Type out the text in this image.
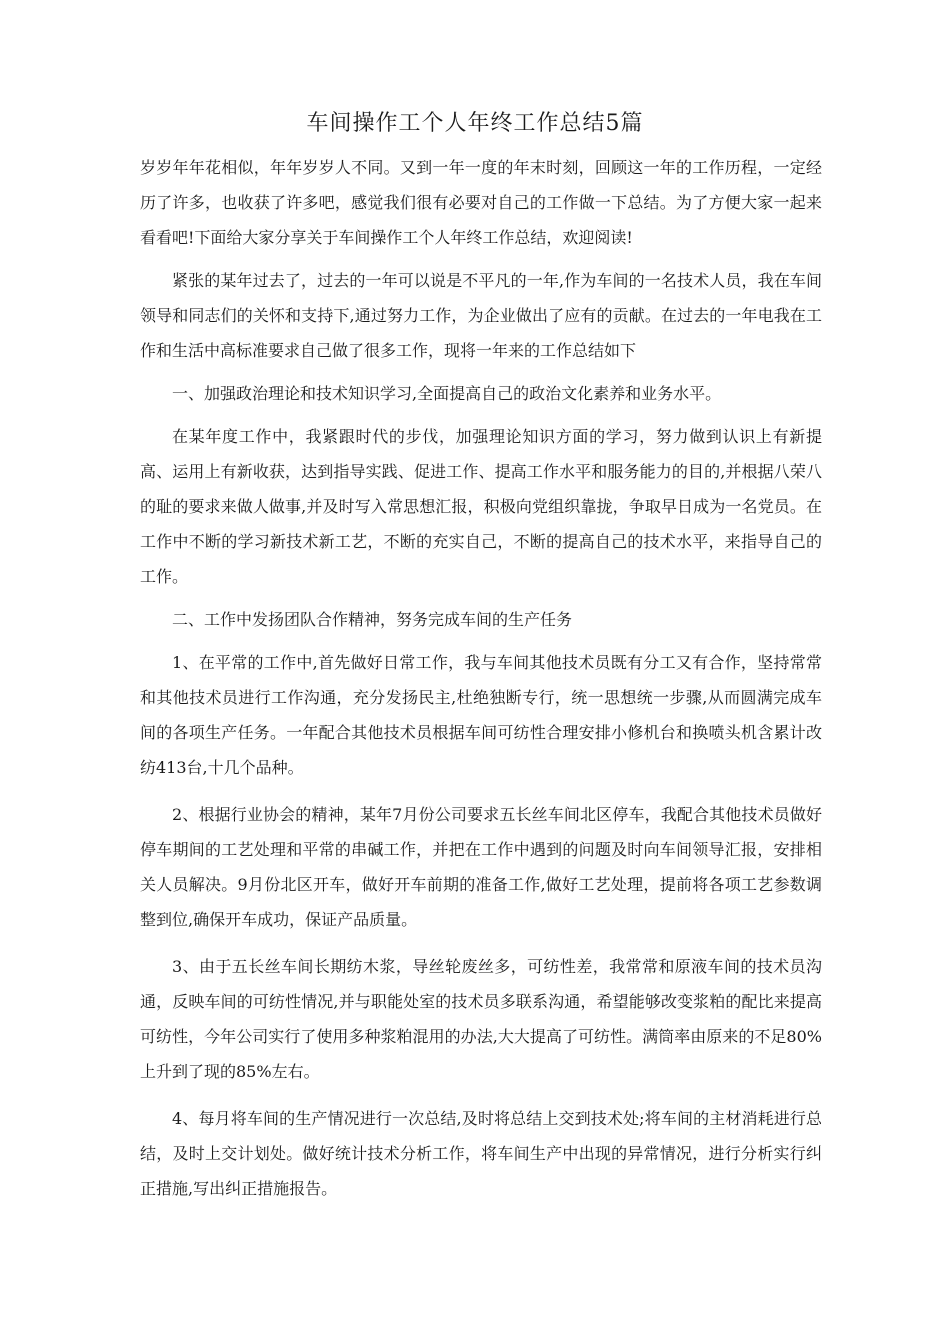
车间操作工个人年终工作总结5篇

岁岁年年花相似，年年岁岁人不同。又到一年一度的年末时刻，回顾这一年的工作历程，一定经历了许多，也收获了许多吧，感觉我们很有必要对自己的工作做一下总结。为了方便大家一起来看看吧!下面给大家分享关于车间操作工个人年终工作总结，欢迎阅读!

紧张的某年过去了，过去的一年可以说是不平凡的一年,作为车间的一名技术人员，我在车间领导和同志们的关怀和支持下,通过努力工作，为企业做出了应有的贡献。在过去的一年电我在工作和生活中高标准要求自己做了很多工作，现将一年来的工作总结如下

一、加强政治理论和技术知识学习,全面提高自己的政治文化素养和业务水平。

在某年度工作中，我紧跟时代的步伐，加强理论知识方面的学习，努力做到认识上有新提高、运用上有新收获，达到指导实践、促进工作、提高工作水平和服务能力的目的,并根据八荣八的耻的要求来做人做事,并及时写入常思想汇报，积极向党组织靠拢，争取早日成为一名党员。在工作中不断的学习新技术新工艺，不断的充实自己，不断的提高自己的技术水平，来指导自己的工作。

二、工作中发扬团队合作精神，努务完成车间的生产任务

1、在平常的工作中,首先做好日常工作，我与车间其他技术员既有分工又有合作，坚持常常和其他技术员进行工作沟通，充分发扬民主,杜绝独断专行，统一思想统一步骤,从而圆满完成车间的各项生产任务。一年配合其他技术员根据车间可纺性合理安排小修机台和换喷头机含累计改纺413台,十几个品种。

2、根据行业协会的精神，某年7月份公司要求五长丝车间北区停车，我配合其他技术员做好停车期间的工艺处理和平常的串碱工作，并把在工作中遇到的问题及时向车间领导汇报，安排相关人员解决。9月份北区开车，做好开车前期的准备工作,做好工艺处理，提前将各项工艺参数调整到位,确保开车成功，保证产品质量。

3、由于五长丝车间长期纺木浆，导丝轮废丝多，可纺性差，我常常和原液车间的技术员沟通，反映车间的可纺性情况,并与职能处室的技术员多联系沟通，希望能够改变浆粕的配比来提高可纺性，今年公司实行了使用多种浆粕混用的办法,大大提高了可纺性。满筒率由原来的不足80%上升到了现的85%左右。

4、每月将车间的生产情况进行一次总结,及时将总结上交到技术处;将车间的主材消耗进行总结，及时上交计划处。做好统计技术分析工作，将车间生产中出现的异常情况，进行分析实行纠正措施,写出纠正措施报告。
